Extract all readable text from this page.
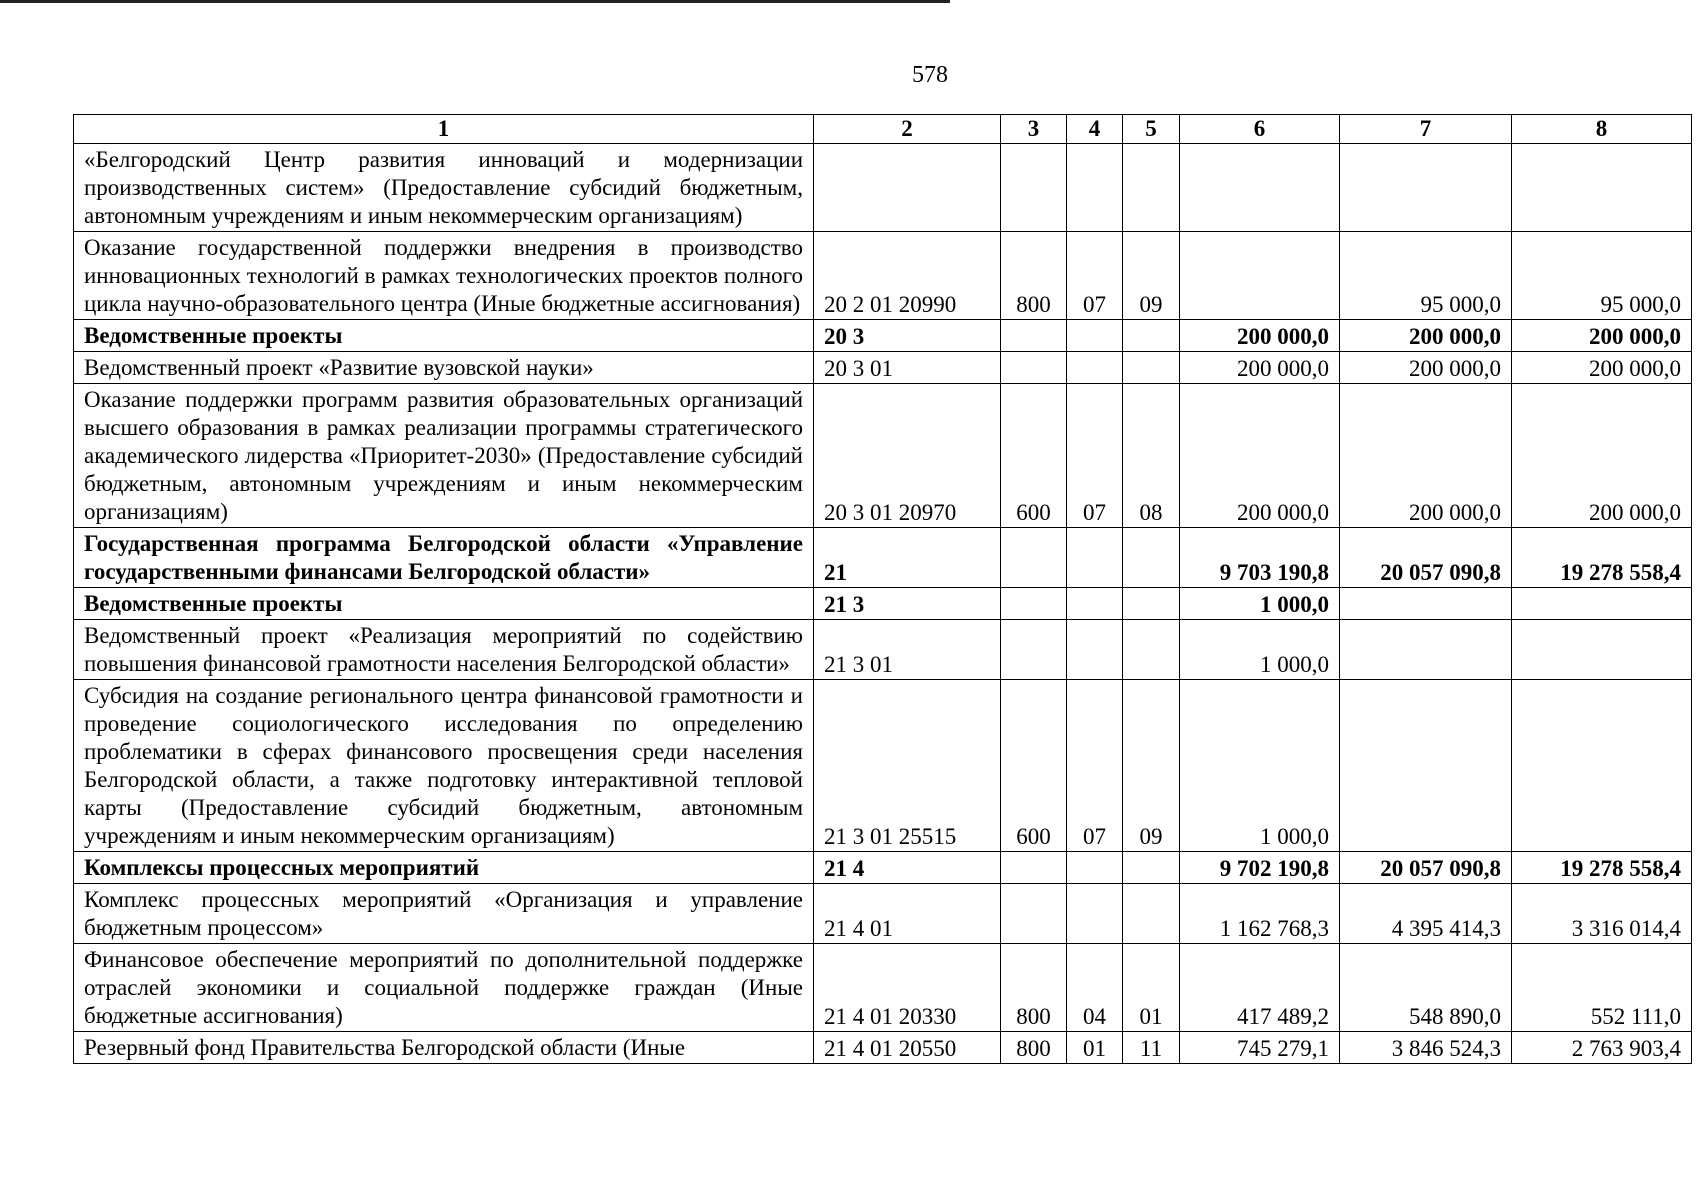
578
1	2	3	4	5	6	7	8
«Белгородский Центр развития инноваций и модернизации производственных систем» (Предоставление субсидий бюджетным, автономным учреждениям и иным некоммерческим организациям)							
Оказание государственной поддержки внедрения в производство инновационных технологий в рамках технологических проектов полного цикла научно-образовательного центра (Иные бюджетные ассигнования)	20 2 01 20990	800	07	09		95 000,0	95 000,0
Ведомственные проекты	20 3				200 000,0	200 000,0	200 000,0
Ведомственный проект «Развитие вузовской науки»	20 3 01				200 000,0	200 000,0	200 000,0
Оказание поддержки программ развития образовательных организаций высшего образования в рамках реализации программы стратегического академического лидерства «Приоритет-2030» (Предоставление субсидий бюджетным, автономным учреждениям и иным некоммерческим организациям)	20 3 01 20970	600	07	08	200 000,0	200 000,0	200 000,0
Государственная программа Белгородской области «Управление государственными финансами Белгородской области»	21				9 703 190,8	20 057 090,8	19 278 558,4
Ведомственные проекты	21 3				1 000,0		
Ведомственный проект «Реализация мероприятий по содействию повышения финансовой грамотности населения Белгородской области»	21 3 01				1 000,0		
Субсидия на создание регионального центра финансовой грамотности и проведение социологического исследования по определению проблематики в сферах финансового просвещения среди населения Белгородской области, а также подготовку интерактивной тепловой карты (Предоставление субсидий бюджетным, автономным учреждениям и иным некоммерческим организациям)	21 3 01 25515	600	07	09	1 000,0		
Комплексы процессных мероприятий	21 4				9 702 190,8	20 057 090,8	19 278 558,4
Комплекс процессных мероприятий «Организация и управление бюджетным процессом»	21 4 01				1 162 768,3	4 395 414,3	3 316 014,4
Финансовое обеспечение мероприятий по дополнительной поддержке отраслей экономики и социальной поддержке граждан (Иные бюджетные ассигнования)	21 4 01 20330	800	04	01	417 489,2	548 890,0	552 111,0
Резервный фонд Правительства Белгородской области (Иные	21 4 01 20550	800	01	11	745 279,1	3 846 524,3	2 763 903,4
